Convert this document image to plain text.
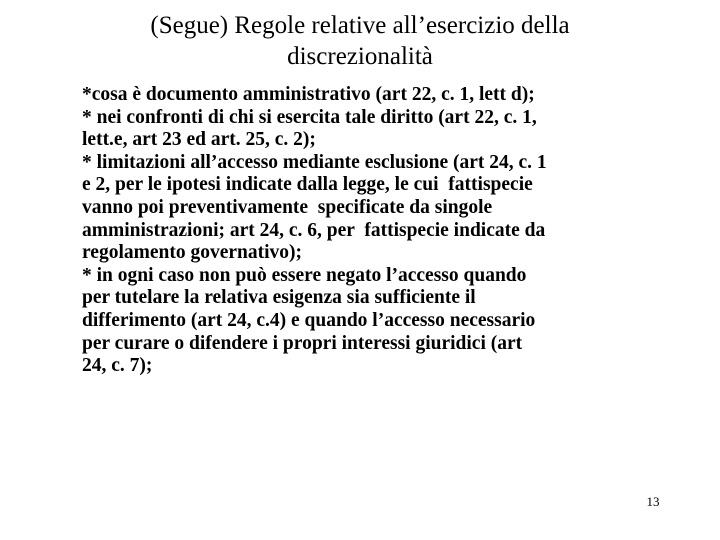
(Segue) Regole relative all’esercizio della
discrezionalità
*cosa è documento amministrativo (art 22, c. 1, lett d);
* nei confronti di chi si esercita tale diritto (art 22, c. 1,
lett.e, art 23 ed art. 25, c. 2);
* limitazioni all’accesso mediante esclusione (art 24, c. 1
e 2, per le ipotesi indicate dalla legge, le cui  fattispecie
vanno poi preventivamente  specificate da singole
amministrazioni; art 24, c. 6, per  fattispecie indicate da
regolamento governativo);
* in ogni caso non può essere negato l’accesso quando
per tutelare la relativa esigenza sia sufficiente il
differimento (art 24, c.4) e quando l’accesso necessario
per curare o difendere i propri interessi giuridici (art
24, c. 7);
13
